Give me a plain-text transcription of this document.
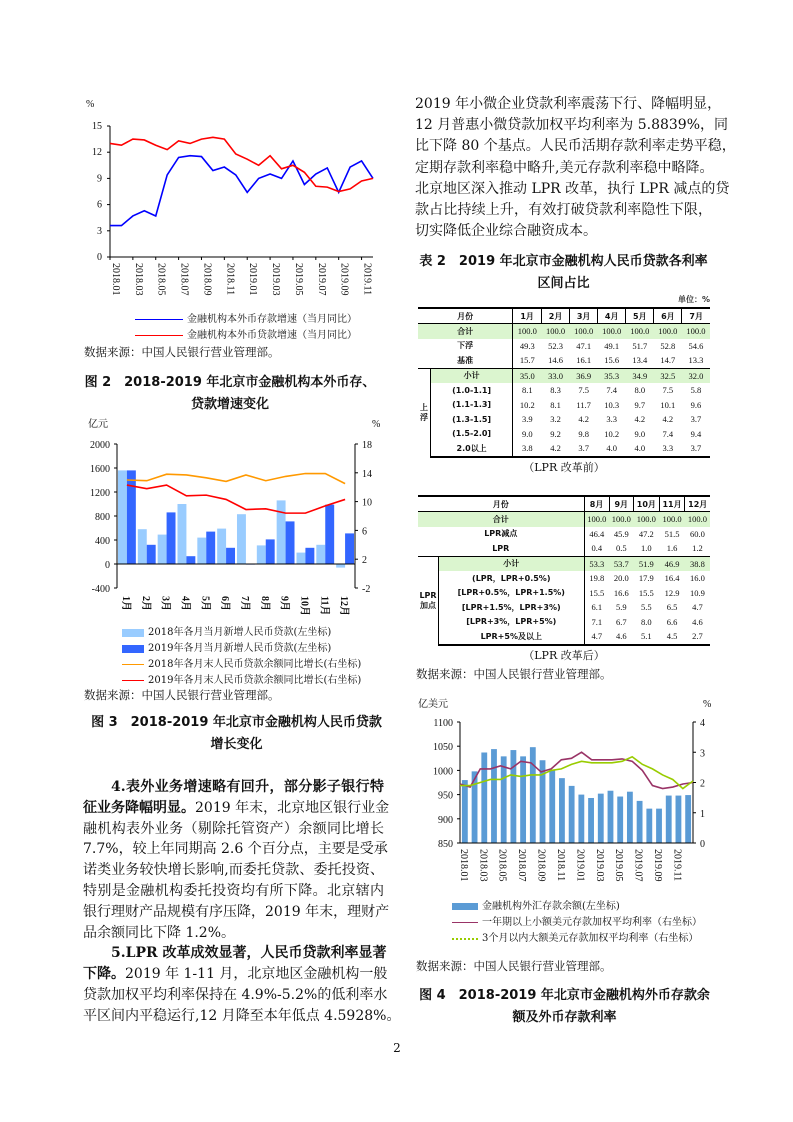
%
0
3
6
9
12
15
2018.01 2018.03 2018.05 2018.07 2018.09 2018.11 2019.01 2019.03 2019.05 2019.07 2019.09 2019.11
金融机构本外币存款增速（当月同比）
金融机构本外币贷款增速（当月同比）
数据来源：中国人民银行营业管理部。
图 2　2018-2019 年北京市金融机构本外币存、
贷款增速变化
亿元	%
-400
0
400
800
1200
1600
2000
-2
2
6
10
14
18
1月 2月 3月 4月 5月 6月 7月 8月 9月 10月 11月 12月
2018年各月当月新增人民币贷款(左坐标)
2019年各月当月新增人民币贷款(左坐标)
2018年各月末人民币贷款余额同比增长(右坐标)
2019年各月末人民币贷款余额同比增长(右坐标)
数据来源：中国人民银行营业管理部。
图 3　2018-2019 年北京市金融机构人民币贷款
增长变化
4.表外业务增速略有回升，部分影子银行特
征业务降幅明显。2019 年末，北京地区银行业金
融机构表外业务（剔除托管资产）余额同比增长
7.7%，较上年同期高 2.6 个百分点，主要是受承
诺类业务较快增长影响,而委托贷款、委托投资、
特别是金融机构委托投资均有所下降。北京辖内
银行理财产品规模有序压降，2019 年末，理财产
品余额同比下降 1.2%。
5.LPR 改革成效显著，人民币贷款利率显著
下降。2019 年 1-11 月，北京地区金融机构一般
贷款加权平均利率保持在 4.9%-5.2%的低利率水
平区间内平稳运行,12 月降至本年低点 4.5928%。
2019 年小微企业贷款利率震荡下行、降幅明显，
12 月普惠小微贷款加权平均利率为 5.8839%，同
比下降 80 个基点。人民币活期存款利率走势平稳，
定期存款利率稳中略升,美元存款利率稳中略降。
北京地区深入推动 LPR 改革，执行 LPR 减点的贷
款占比持续上升，有效打破贷款利率隐性下限，
切实降低企业综合融资成本。
表 2　2019 年北京市金融机构人民币贷款各利率
区间占比
单位：%
月份		1月	2月	3月	4月	5月	6月	7月
合计		100.0	100.0	100.0	100.0	100.0	100.0	100.0
下浮		49.3	52.3	47.1	49.1	51.7	52.8	54.6
基准		15.7	14.6	16.1	15.6	13.4	14.7	13.3
上浮	小计	35.0	33.0	36.9	35.3	34.9	32.5	32.0
	(1.0-1.1]	8.1	8.3	7.5	7.4	8.0	7.5	5.8
	(1.1-1.3]	10.2	8.1	11.7	10.3	9.7	10.1	9.6
	(1.3-1.5]	3.9	3.2	4.2	3.3	4.2	4.2	3.7
	(1.5-2.0]	9.0	9.2	9.8	10.2	9.0	7.4	9.4
	2.0以上	3.8	4.2	3.7	4.0	4.0	3.3	3.7
（LPR 改革前）
月份		8月	9月	10月	11月	12月
合计		100.0	100.0	100.0	100.0	100.0
LPR减点		46.4	45.9	47.2	51.5	60.0
LPR		0.4	0.5	1.0	1.6	1.2
LPR加点	小计	53.3	53.7	51.9	46.9	38.8
	(LPR，LPR+0.5%)	19.8	20.0	17.9	16.4	16.0
	[LPR+0.5%，LPR+1.5%)	15.5	16.6	15.5	12.9	10.9
	[LPR+1.5%，LPR+3%)	6.1	5.9	5.5	6.5	4.7
	[LPR+3%，LPR+5%)	7.1	6.7	8.0	6.6	4.6
	LPR+5%及以上	4.7	4.6	5.1	4.5	2.7
（LPR 改革后）
数据来源：中国人民银行营业管理部。
亿美元	%
850
900
950
1000
1050
1100
0
1
2
3
4
2018.01 2018.03 2018.05 2018.07 2018.09 2018.11 2019.01 2019.03 2019.05 2019.07 2019.09 2019.11
金融机构外汇存款余额(左坐标)
一年期以上小额美元存款加权平均利率（右坐标）
3个月以内大额美元存款加权平均利率（右坐标）
数据来源：中国人民银行营业管理部。
图 4　2018-2019 年北京市金融机构外币存款余
额及外币存款利率
2
